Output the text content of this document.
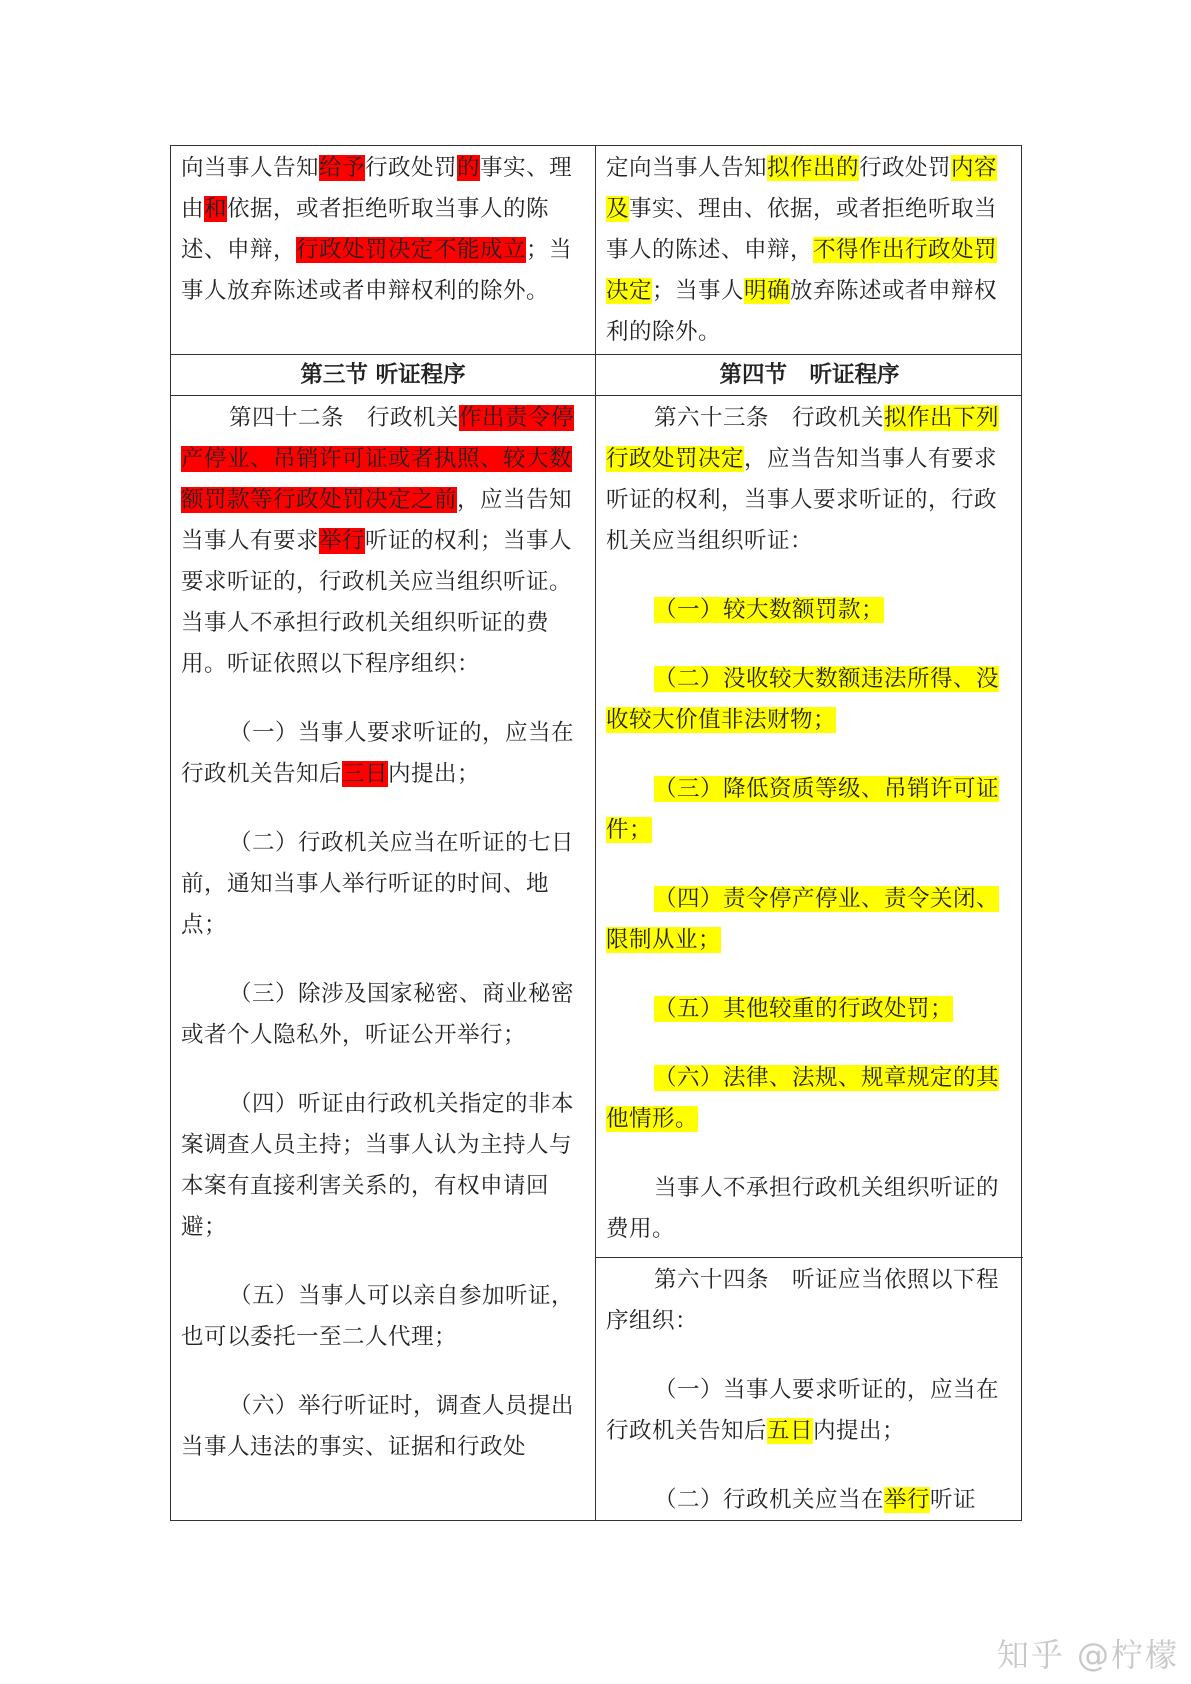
向当事人告知给予行政处罚的事实、理由和依据，或者拒绝听取当事人的陈述、申辩，行政处罚决定不能成立；当事人放弃陈述或者申辩权利的除外。

定向当事人告知拟作出的行政处罚内容及事实、理由、依据，或者拒绝听取当事人的陈述、申辩，不得作出行政处罚决定；当事人明确放弃陈述或者申辩权利的除外。

第三节 听证程序	第四节　听证程序

第四十二条　行政机关作出责令停产停业、吊销许可证或者执照、较大数额罚款等行政处罚决定之前，应当告知当事人有要求举行听证的权利；当事人要求听证的，行政机关应当组织听证。当事人不承担行政机关组织听证的费用。听证依照以下程序组织：

（一）当事人要求听证的，应当在行政机关告知后三日内提出；

（二）行政机关应当在听证的七日前，通知当事人举行听证的时间、地点；

（三）除涉及国家秘密、商业秘密或者个人隐私外，听证公开举行；

（四）听证由行政机关指定的非本案调查人员主持；当事人认为主持人与本案有直接利害关系的，有权申请回避；

（五）当事人可以亲自参加听证，也可以委托一至二人代理；

（六）举行听证时，调查人员提出当事人违法的事实、证据和行政处

第六十三条　行政机关拟作出下列行政处罚决定，应当告知当事人有要求听证的权利，当事人要求听证的，行政机关应当组织听证：

（一）较大数额罚款；

（二）没收较大数额违法所得、没收较大价值非法财物；

（三）降低资质等级、吊销许可证件；

（四）责令停产停业、责令关闭、限制从业；

（五）其他较重的行政处罚；

（六）法律、法规、规章规定的其他情形。

当事人不承担行政机关组织听证的费用。

第六十四条　听证应当依照以下程序组织：

（一）当事人要求听证的，应当在行政机关告知后五日内提出；

（二）行政机关应当在举行听证

知乎 @柠檬
